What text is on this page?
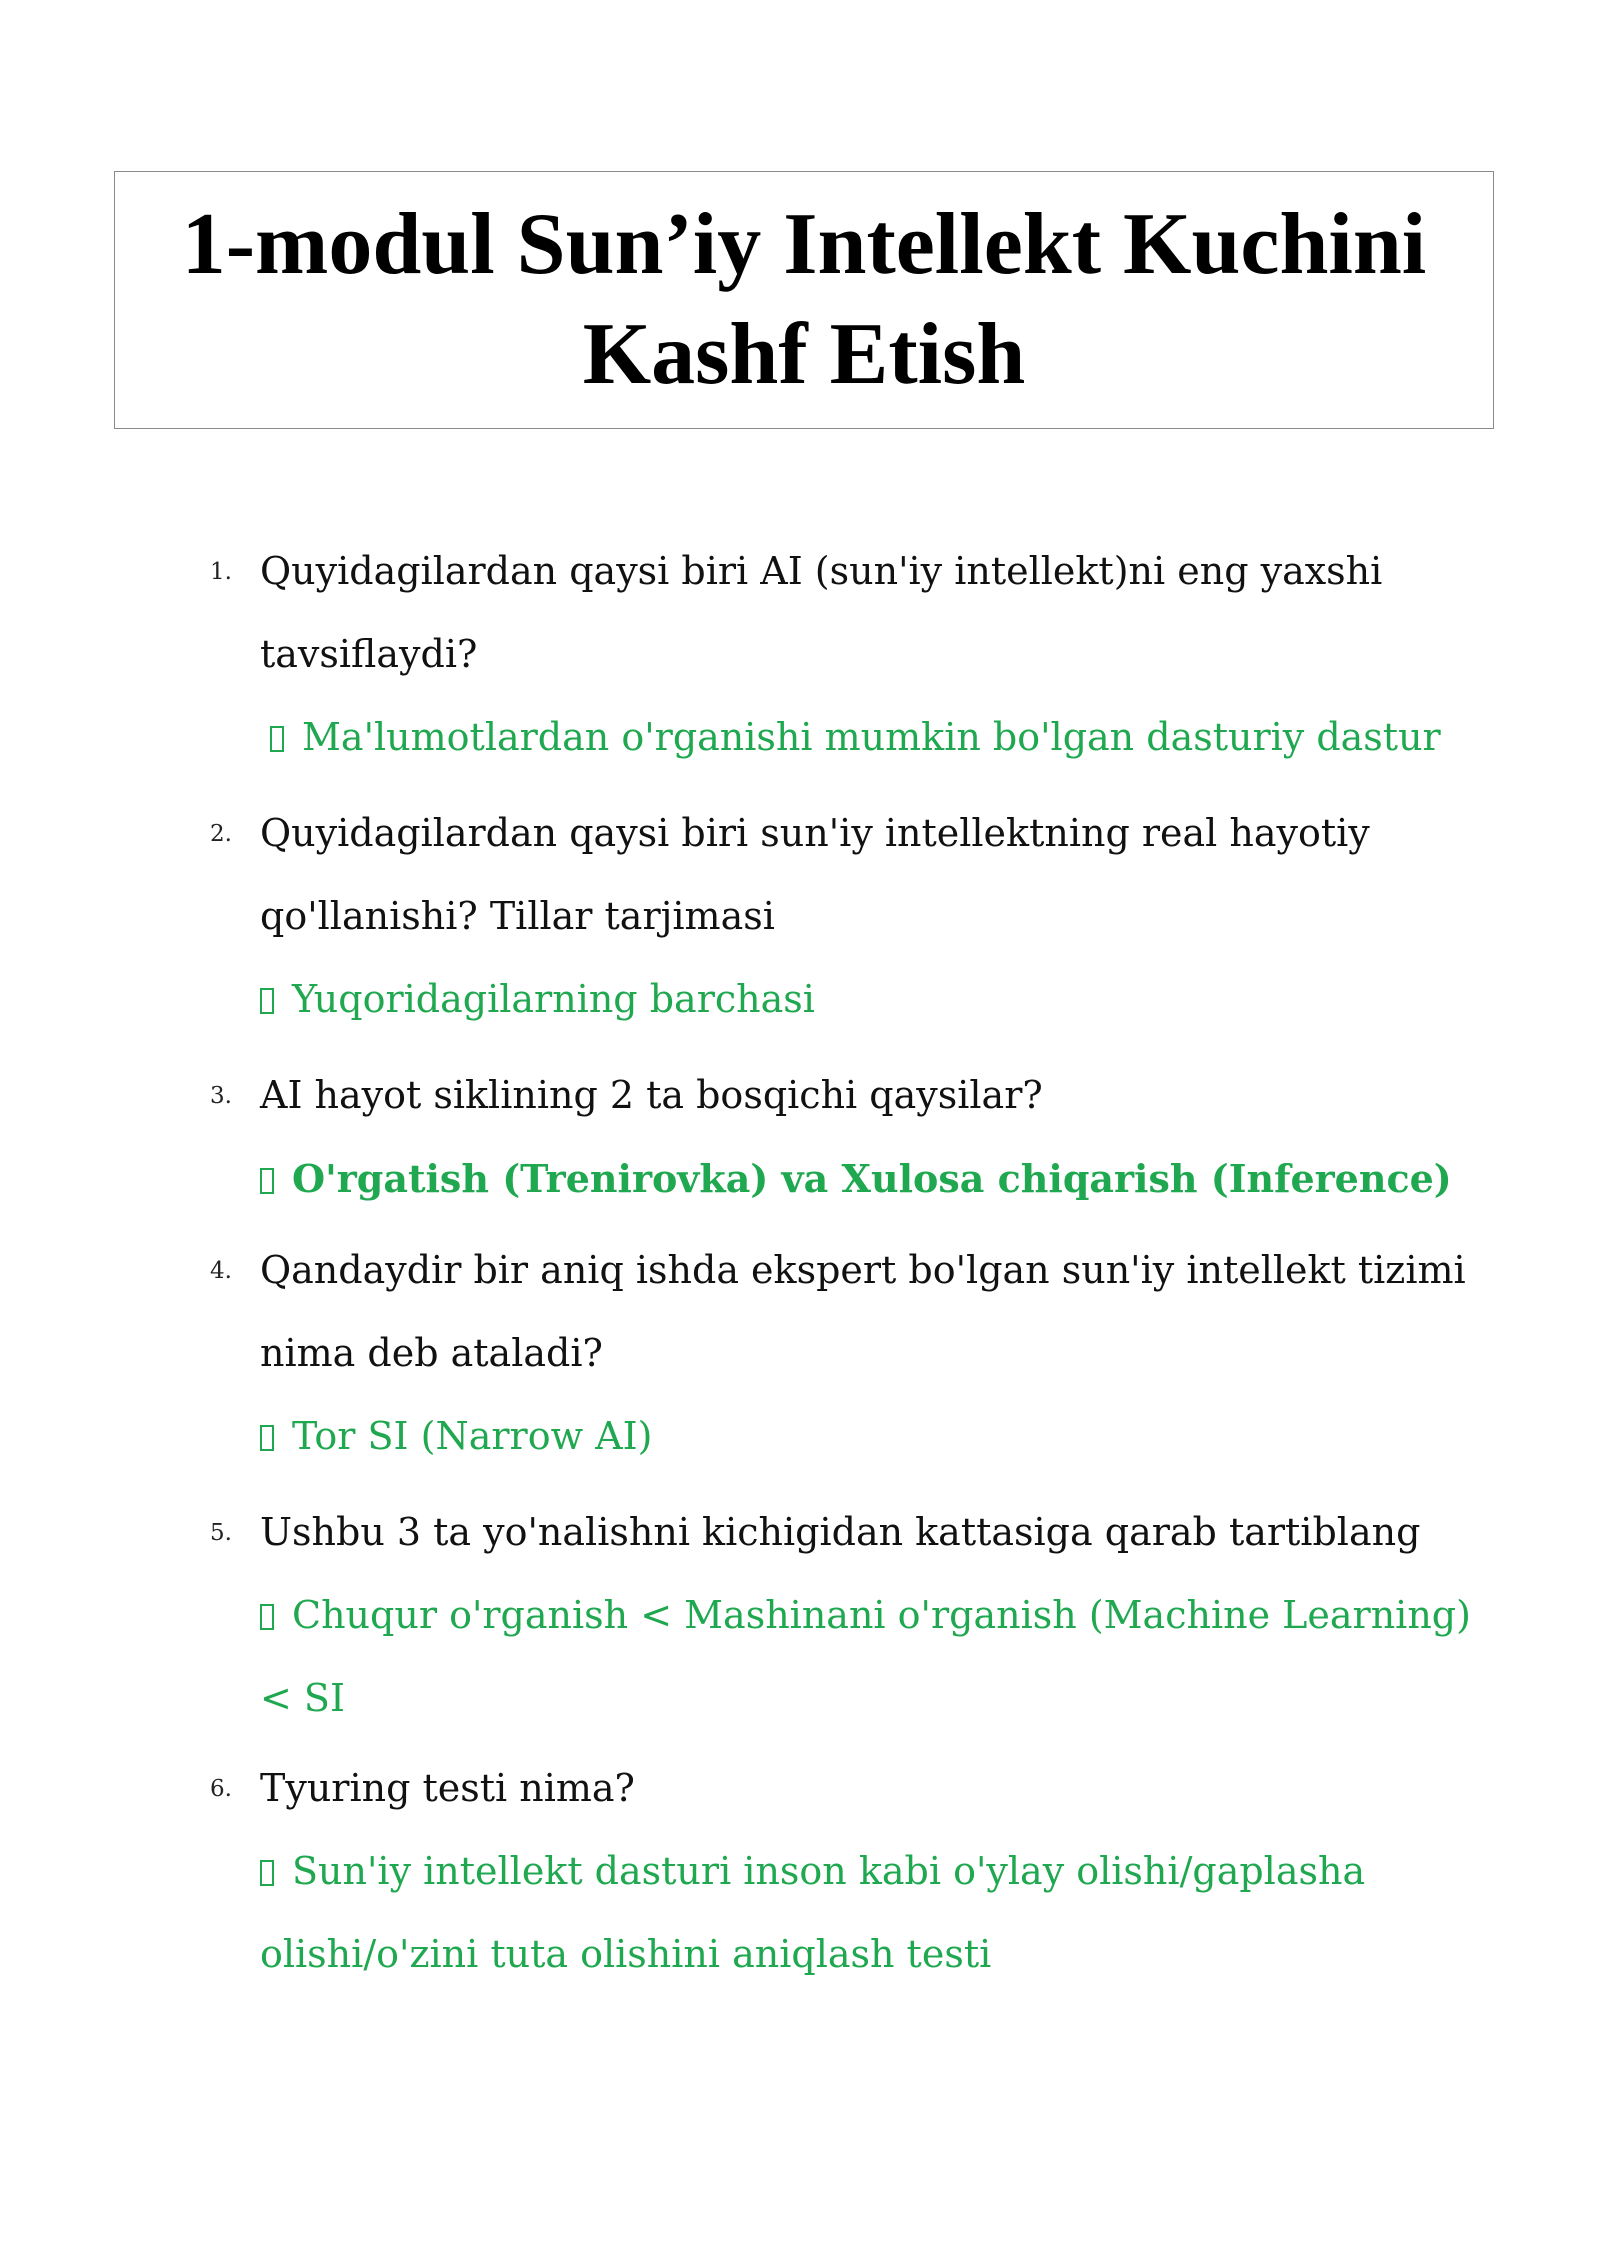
1-modul Sun’iy Intellekt Kuchini
Kashf Etish
1. Quyidagilardan qaysi biri AI (sun'iy intellekt)ni eng yaxshi tavsiflaydi?
Ma'lumotlardan o'rganishi mumkin bo'lgan dasturiy dastur
2. Quyidagilardan qaysi biri sun'iy intellektning real hayotiy qo'llanishi? Tillar tarjimasi
Yuqoridagilarning barchasi
3. AI hayot siklining 2 ta bosqichi qaysilar?
O'rgatish (Trenirovka) va Xulosa chiqarish (Inference)
4. Qandaydir bir aniq ishda ekspert bo'lgan sun'iy intellekt tizimi nima deb ataladi?
Tor SI (Narrow AI)
5. Ushbu 3 ta yo'nalishni kichigidan kattasiga qarab tartiblang
Chuqur o'rganish < Mashinani o'rganish (Machine Learning) < SI
6. Tyuring testi nima?
Sun'iy intellekt dasturi inson kabi o'ylay olishi/gaplasha olishi/o'zini tuta olishini aniqlash testi
